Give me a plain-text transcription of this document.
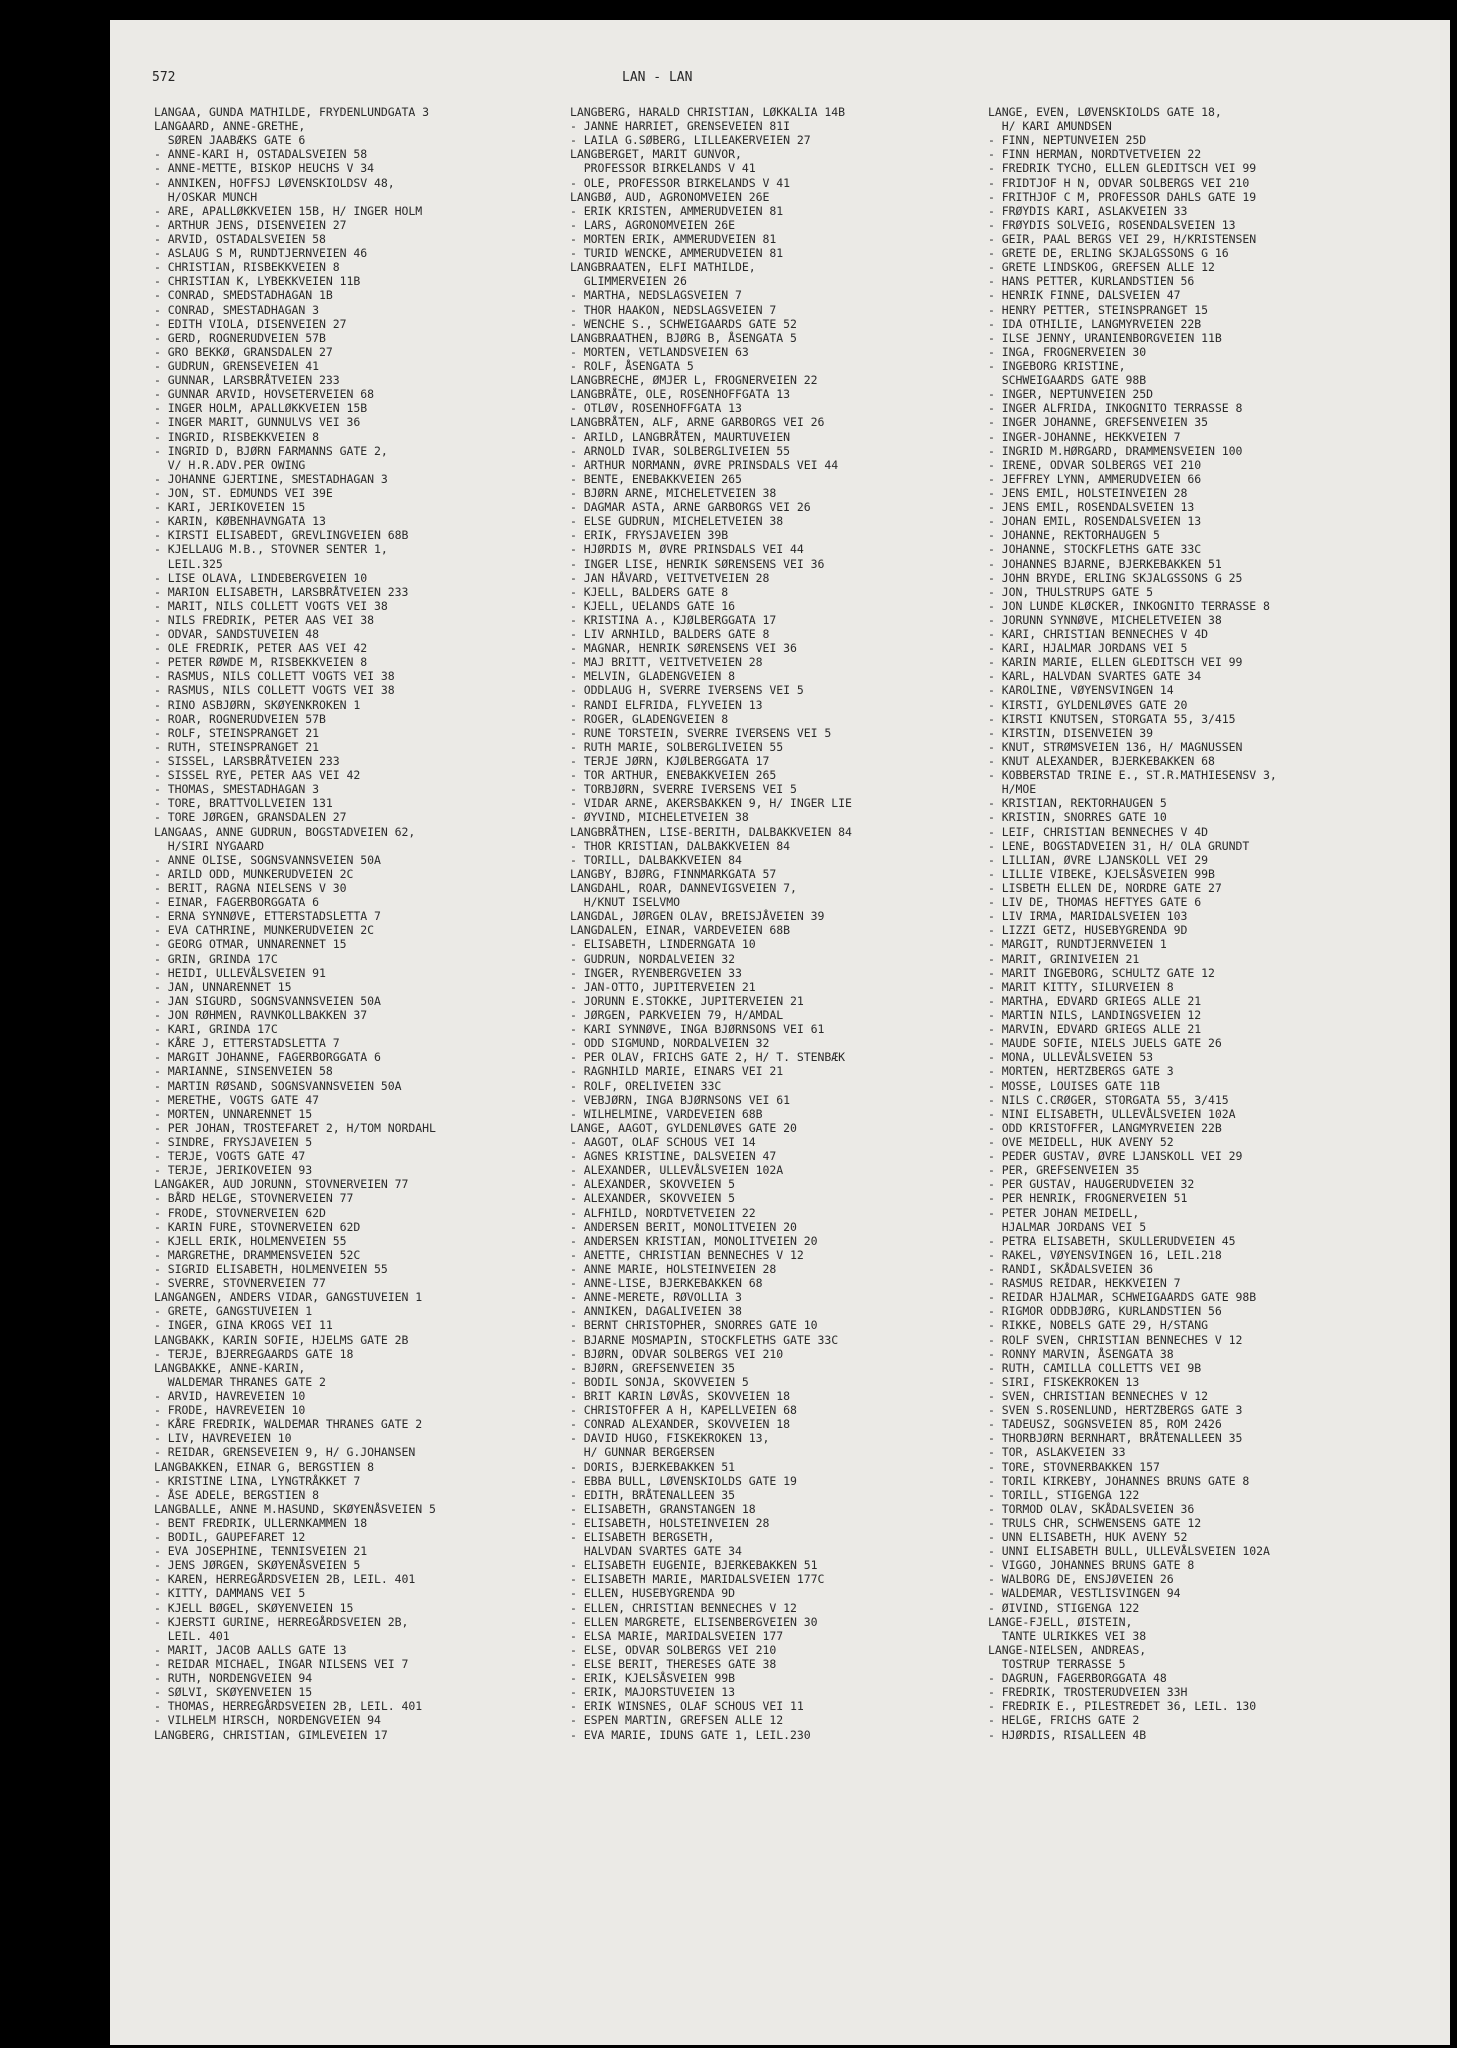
572	LAN - LAN
LANGAA, GUNDA MATHILDE, FRYDENLUNDGATA 3
LANGAARD, ANNE-GRETHE,
SØREN JAABÆKS GATE 6
- ANNE-KARI H, OSTADALSVEIEN 58
- ANNE-METTE, BISKOP HEUCHS V 34
- ANNIKEN, HOFFSJ LØVENSKIOLDSV 48,
H/OSKAR MUNCH
- ARE, APALLØKKVEIEN 15B, H/ INGER HOLM
- ARTHUR JENS, DISENVEIEN 27
- ARVID, OSTADALSVEIEN 58
- ASLAUG S M, RUNDTJERNVEIEN 46
- CHRISTIAN, RISBEKKVEIEN 8
- CHRISTIAN K, LYBEKKVEIEN 11B
- CONRAD, SMEDSTADHAGAN 1B
- CONRAD, SMESTADHAGAN 3
- EDITH VIOLA, DISENVEIEN 27
- GERD, ROGNERUDVEIEN 57B
- GRO BEKKØ, GRANSDALEN 27
- GUDRUN, GRENSEVEIEN 41
- GUNNAR, LARSBRÅTVEIEN 233
- GUNNAR ARVID, HOVSETERVEIEN 68
- INGER HOLM, APALLØKKVEIEN 15B
- INGER MARIT, GUNNULVS VEI 36
- INGRID, RISBEKKVEIEN 8
- INGRID D, BJØRN FARMANNS GATE 2,
V/ H.R.ADV.PER OWING
- JOHANNE GJERTINE, SMESTADHAGAN 3
- JON, ST. EDMUNDS VEI 39E
- KARI, JERIKOVEIEN 15
- KARIN, KØBENHAVNGATA 13
- KIRSTI ELISABEDT, GREVLINGVEIEN 68B
- KJELLAUG M.B., STOVNER SENTER 1,
LEIL.325
- LISE OLAVA, LINDEBERGVEIEN 10
- MARION ELISABETH, LARSBRÅTVEIEN 233
- MARIT, NILS COLLETT VOGTS VEI 38
- NILS FREDRIK, PETER AAS VEI 38
- ODVAR, SANDSTUVEIEN 48
- OLE FREDRIK, PETER AAS VEI 42
- PETER RØWDE M, RISBEKKVEIEN 8
- RASMUS, NILS COLLETT VOGTS VEI 38
- RASMUS, NILS COLLETT VOGTS VEI 38
- RINO ASBJØRN, SKØYENKROKEN 1
- ROAR, ROGNERUDVEIEN 57B
- ROLF, STEINSPRANGET 21
- RUTH, STEINSPRANGET 21
- SISSEL, LARSBRÅTVEIEN 233
- SISSEL RYE, PETER AAS VEI 42
- THOMAS, SMESTADHAGAN 3
- TORE, BRATTVOLLVEIEN 131
- TORE JØRGEN, GRANSDALEN 27
LANGAAS, ANNE GUDRUN, BOGSTADVEIEN 62,
H/SIRI NYGAARD
- ANNE OLISE, SOGNSVANNSVEIEN 50A
- ARILD ODD, MUNKERUDVEIEN 2C
- BERIT, RAGNA NIELSENS V 30
- EINAR, FAGERBORGGATA 6
- ERNA SYNNØVE, ETTERSTADSLETTA 7
- EVA CATHRINE, MUNKERUDVEIEN 2C
- GEORG OTMAR, UNNARENNET 15
- GRIN, GRINDA 17C
- HEIDI, ULLEVÅLSVEIEN 91
- JAN, UNNARENNET 15
- JAN SIGURD, SOGNSVANNSVEIEN 50A
- JON RØHMEN, RAVNKOLLBAKKEN 37
- KARI, GRINDA 17C
- KÅRE J, ETTERSTADSLETTA 7
- MARGIT JOHANNE, FAGERBORGGATA 6
- MARIANNE, SINSENVEIEN 58
- MARTIN RØSAND, SOGNSVANNSVEIEN 50A
- MERETHE, VOGTS GATE 47
- MORTEN, UNNARENNET 15
- PER JOHAN, TROSTEFARET 2, H/TOM NORDAHL
- SINDRE, FRYSJAVEIEN 5
- TERJE, VOGTS GATE 47
- TERJE, JERIKOVEIEN 93
LANGAKER, AUD JORUNN, STOVNERVEIEN 77
- BÅRD HELGE, STOVNERVEIEN 77
- FRODE, STOVNERVEIEN 62D
- KARIN FURE, STOVNERVEIEN 62D
- KJELL ERIK, HOLMENVEIEN 55
- MARGRETHE, DRAMMENSVEIEN 52C
- SIGRID ELISABETH, HOLMENVEIEN 55
- SVERRE, STOVNERVEIEN 77
LANGANGEN, ANDERS VIDAR, GANGSTUVEIEN 1
- GRETE, GANGSTUVEIEN 1
- INGER, GINA KROGS VEI 11
LANGBAKK, KARIN SOFIE, HJELMS GATE 2B
- TERJE, BJERREGAARDS GATE 18
LANGBAKKE, ANNE-KARIN,
WALDEMAR THRANES GATE 2
- ARVID, HAVREVEIEN 10
- FRODE, HAVREVEIEN 10
- KÅRE FREDRIK, WALDEMAR THRANES GATE 2
- LIV, HAVREVEIEN 10
- REIDAR, GRENSEVEIEN 9, H/ G.JOHANSEN
LANGBAKKEN, EINAR G, BERGSTIEN 8
- KRISTINE LINA, LYNGTRÅKKET 7
- ÅSE ADELE, BERGSTIEN 8
LANGBALLE, ANNE M.HASUND, SKØYENÅSVEIEN 5
- BENT FREDRIK, ULLERNKAMMEN 18
- BODIL, GAUPEFARET 12
- EVA JOSEPHINE, TENNISVEIEN 21
- JENS JØRGEN, SKØYENÅSVEIEN 5
- KAREN, HERREGÅRDSVEIEN 2B, LEIL. 401
- KITTY, DAMMANS VEI 5
- KJELL BØGEL, SKØYENVEIEN 15
- KJERSTI GURINE, HERREGÅRDSVEIEN 2B,
LEIL. 401
- MARIT, JACOB AALLS GATE 13
- REIDAR MICHAEL, INGAR NILSENS VEI 7
- RUTH, NORDENGVEIEN 94
- SØLVI, SKØYENVEIEN 15
- THOMAS, HERREGÅRDSVEIEN 2B, LEIL. 401
- VILHELM HIRSCH, NORDENGVEIEN 94
LANGBERG, CHRISTIAN, GIMLEVEIEN 17
LANGBERG, HARALD CHRISTIAN, LØKKALIA 14B
- JANNE HARRIET, GRENSEVEIEN 81I
- LAILA G.SØBERG, LILLEAKERVEIEN 27
LANGBERGET, MARIT GUNVOR,
PROFESSOR BIRKELANDS V 41
- OLE, PROFESSOR BIRKELANDS V 41
LANGBØ, AUD, AGRONOMVEIEN 26E
- ERIK KRISTEN, AMMERUDVEIEN 81
- LARS, AGRONOMVEIEN 26E
- MORTEN ERIK, AMMERUDVEIEN 81
- TURID WENCKE, AMMERUDVEIEN 81
LANGBRAATEN, ELFI MATHILDE,
GLIMMERVEIEN 26
- MARTHA, NEDSLAGSVEIEN 7
- THOR HAAKON, NEDSLAGSVEIEN 7
- WENCHE S., SCHWEIGAARDS GATE 52
LANGBRAATHEN, BJØRG B, ÅSENGATA 5
- MORTEN, VETLANDSVEIEN 63
- ROLF, ÅSENGATA 5
LANGBRECHE, ØMJER L, FROGNERVEIEN 22
LANGBRÅTE, OLE, ROSENHOFFGATA 13
- OTLØV, ROSENHOFFGATA 13
LANGBRÅTEN, ALF, ARNE GARBORGS VEI 26
- ARILD, LANGBRÅTEN, MAURTUVEIEN
- ARNOLD IVAR, SOLBERGLIVEIEN 55
- ARTHUR NORMANN, ØVRE PRINSDALS VEI 44
- BENTE, ENEBAKKVEIEN 265
- BJØRN ARNE, MICHELETVEIEN 38
- DAGMAR ASTA, ARNE GARBORGS VEI 26
- ELSE GUDRUN, MICHELETVEIEN 38
- ERIK, FRYSJAVEIEN 39B
- HJØRDIS M, ØVRE PRINSDALS VEI 44
- INGER LISE, HENRIK SØRENSENS VEI 36
- JAN HÅVARD, VEITVETVEIEN 28
- KJELL, BALDERS GATE 8
- KJELL, UELANDS GATE 16
- KRISTINA A., KJØLBERGGATA 17
- LIV ARNHILD, BALDERS GATE 8
- MAGNAR, HENRIK SØRENSENS VEI 36
- MAJ BRITT, VEITVETVEIEN 28
- MELVIN, GLADENGVEIEN 8
- ODDLAUG H, SVERRE IVERSENS VEI 5
- RANDI ELFRIDA, FLYVEIEN 13
- ROGER, GLADENGVEIEN 8
- RUNE TORSTEIN, SVERRE IVERSENS VEI 5
- RUTH MARIE, SOLBERGLIVEIEN 55
- TERJE JØRN, KJØLBERGGATA 17
- TOR ARTHUR, ENEBAKKVEIEN 265
- TORBJØRN, SVERRE IVERSENS VEI 5
- VIDAR ARNE, AKERSBAKKEN 9, H/ INGER LIE
- ØYVIND, MICHELETVEIEN 38
LANGBRÅTHEN, LISE-BERITH, DALBAKKVEIEN 84
- THOR KRISTIAN, DALBAKKVEIEN 84
- TORILL, DALBAKKVEIEN 84
LANGBY, BJØRG, FINNMARKGATA 57
LANGDAHL, ROAR, DANNEVIGSVEIEN 7,
H/KNUT ISELVMO
LANGDAL, JØRGEN OLAV, BREISJÅVEIEN 39
LANGDALEN, EINAR, VARDEVEIEN 68B
- ELISABETH, LINDERNGATA 10
- GUDRUN, NORDALVEIEN 32
- INGER, RYENBERGVEIEN 33
- JAN-OTTO, JUPITERVEIEN 21
- JORUNN E.STOKKE, JUPITERVEIEN 21
- JØRGEN, PARKVEIEN 79, H/AMDAL
- KARI SYNNØVE, INGA BJØRNSONS VEI 61
- ODD SIGMUND, NORDALVEIEN 32
- PER OLAV, FRICHS GATE 2, H/ T. STENBÆK
- RAGNHILD MARIE, EINARS VEI 21
- ROLF, ORELIVEIEN 33C
- VEBJØRN, INGA BJØRNSONS VEI 61
- WILHELMINE, VARDEVEIEN 68B
LANGE, AAGOT, GYLDENLØVES GATE 20
- AAGOT, OLAF SCHOUS VEI 14
- AGNES KRISTINE, DALSVEIEN 47
- ALEXANDER, ULLEVÅLSVEIEN 102A
- ALEXANDER, SKOVVEIEN 5
- ALEXANDER, SKOVVEIEN 5
- ALFHILD, NORDTVETVEIEN 22
- ANDERSEN BERIT, MONOLITVEIEN 20
- ANDERSEN KRISTIAN, MONOLITVEIEN 20
- ANETTE, CHRISTIAN BENNECHES V 12
- ANNE MARIE, HOLSTEINVEIEN 28
- ANNE-LISE, BJERKEBAKKEN 68
- ANNE-MERETE, RØVOLLIA 3
- ANNIKEN, DAGALIVEIEN 38
- BERNT CHRISTOPHER, SNORRES GATE 10
- BJARNE MOSMAPIN, STOCKFLETHS GATE 33C
- BJØRN, ODVAR SOLBERGS VEI 210
- BJØRN, GREFSENVEIEN 35
- BODIL SONJA, SKOVVEIEN 5
- BRIT KARIN LØVÅS, SKOVVEIEN 18
- CHRISTOFFER A H, KAPELLVEIEN 68
- CONRAD ALEXANDER, SKOVVEIEN 18
- DAVID HUGO, FISKEKROKEN 13,
H/ GUNNAR BERGERSEN
- DORIS, BJERKEBAKKEN 51
- EBBA BULL, LØVENSKIOLDS GATE 19
- EDITH, BRÅTENALLEEN 35
- ELISABETH, GRANSTANGEN 18
- ELISABETH, HOLSTEINVEIEN 28
- ELISABETH BERGSETH,
HALVDAN SVARTES GATE 34
- ELISABETH EUGENIE, BJERKEBAKKEN 51
- ELISABETH MARIE, MARIDALSVEIEN 177C
- ELLEN, HUSEBYGRENDA 9D
- ELLEN, CHRISTIAN BENNECHES V 12
- ELLEN MARGRETE, ELISENBERGVEIEN 30
- ELSA MARIE, MARIDALSVEIEN 177
- ELSE, ODVAR SOLBERGS VEI 210
- ELSE BERIT, THERESES GATE 38
- ERIK, KJELSÅSVEIEN 99B
- ERIK, MAJORSTUVEIEN 13
- ERIK WINSNES, OLAF SCHOUS VEI 11
- ESPEN MARTIN, GREFSEN ALLE 12
- EVA MARIE, IDUNS GATE 1, LEIL.230
LANGE, EVEN, LØVENSKIOLDS GATE 18,
H/ KARI AMUNDSEN
- FINN, NEPTUNVEIEN 25D
- FINN HERMAN, NORDTVETVEIEN 22
- FREDRIK TYCHO, ELLEN GLEDITSCH VEI 99
- FRIDTJOF H N, ODVAR SOLBERGS VEI 210
- FRITHJOF C M, PROFESSOR DAHLS GATE 19
- FRØYDIS KARI, ASLAKVEIEN 33
- FRØYDIS SOLVEIG, ROSENDALSVEIEN 13
- GEIR, PAAL BERGS VEI 29, H/KRISTENSEN
- GRETE DE, ERLING SKJALGSSONS G 16
- GRETE LINDSKOG, GREFSEN ALLE 12
- HANS PETTER, KURLANDSTIEN 56
- HENRIK FINNE, DALSVEIEN 47
- HENRY PETTER, STEINSPRANGET 15
- IDA OTHILIE, LANGMYRVEIEN 22B
- ILSE JENNY, URANIENBORGVEIEN 11B
- INGA, FROGNERVEIEN 30
- INGEBORG KRISTINE,
SCHWEIGAARDS GATE 98B
- INGER, NEPTUNVEIEN 25D
- INGER ALFRIDA, INKOGNITO TERRASSE 8
- INGER JOHANNE, GREFSENVEIEN 35
- INGER-JOHANNE, HEKKVEIEN 7
- INGRID M.HØRGARD, DRAMMENSVEIEN 100
- IRENE, ODVAR SOLBERGS VEI 210
- JEFFREY LYNN, AMMERUDVEIEN 66
- JENS EMIL, HOLSTEINVEIEN 28
- JENS EMIL, ROSENDALSVEIEN 13
- JOHAN EMIL, ROSENDALSVEIEN 13
- JOHANNE, REKTORHAUGEN 5
- JOHANNE, STOCKFLETHS GATE 33C
- JOHANNES BJARNE, BJERKEBAKKEN 51
- JOHN BRYDE, ERLING SKJALGSSONS G 25
- JON, THULSTRUPS GATE 5
- JON LUNDE KLØCKER, INKOGNITO TERRASSE 8
- JORUNN SYNNØVE, MICHELETVEIEN 38
- KARI, CHRISTIAN BENNECHES V 4D
- KARI, HJALMAR JORDANS VEI 5
- KARIN MARIE, ELLEN GLEDITSCH VEI 99
- KARL, HALVDAN SVARTES GATE 34
- KAROLINE, VØYENSVINGEN 14
- KIRSTI, GYLDENLØVES GATE 20
- KIRSTI KNUTSEN, STORGATA 55, 3/415
- KIRSTIN, DISENVEIEN 39
- KNUT, STRØMSVEIEN 136, H/ MAGNUSSEN
- KNUT ALEXANDER, BJERKEBAKKEN 68
- KOBBERSTAD TRINE E., ST.R.MATHIESENSV 3,
H/MOE
- KRISTIAN, REKTORHAUGEN 5
- KRISTIN, SNORRES GATE 10
- LEIF, CHRISTIAN BENNECHES V 4D
- LENE, BOGSTADVEIEN 31, H/ OLA GRUNDT
- LILLIAN, ØVRE LJANSKOLL VEI 29
- LILLIE VIBEKE, KJELSÅSVEIEN 99B
- LISBETH ELLEN DE, NORDRE GATE 27
- LIV DE, THOMAS HEFTYES GATE 6
- LIV IRMA, MARIDALSVEIEN 103
- LIZZI GETZ, HUSEBYGRENDA 9D
- MARGIT, RUNDTJERNVEIEN 1
- MARIT, GRINIVEIEN 21
- MARIT INGEBORG, SCHULTZ GATE 12
- MARIT KITTY, SILURVEIEN 8
- MARTHA, EDVARD GRIEGS ALLE 21
- MARTIN NILS, LANDINGSVEIEN 12
- MARVIN, EDVARD GRIEGS ALLE 21
- MAUDE SOFIE, NIELS JUELS GATE 26
- MONA, ULLEVÅLSVEIEN 53
- MORTEN, HERTZBERGS GATE 3
- MOSSE, LOUISES GATE 11B
- NILS C.CRØGER, STORGATA 55, 3/415
- NINI ELISABETH, ULLEVÅLSVEIEN 102A
- ODD KRISTOFFER, LANGMYRVEIEN 22B
- OVE MEIDELL, HUK AVENY 52
- PEDER GUSTAV, ØVRE LJANSKOLL VEI 29
- PER, GREFSENVEIEN 35
- PER GUSTAV, HAUGERUDVEIEN 32
- PER HENRIK, FROGNERVEIEN 51
- PETER JOHAN MEIDELL,
HJALMAR JORDANS VEI 5
- PETRA ELISABETH, SKULLERUDVEIEN 45
- RAKEL, VØYENSVINGEN 16, LEIL.218
- RANDI, SKÅDALSVEIEN 36
- RASMUS REIDAR, HEKKVEIEN 7
- REIDAR HJALMAR, SCHWEIGAARDS GATE 98B
- RIGMOR ODDBJØRG, KURLANDSTIEN 56
- RIKKE, NOBELS GATE 29, H/STANG
- ROLF SVEN, CHRISTIAN BENNECHES V 12
- RONNY MARVIN, ÅSENGATA 38
- RUTH, CAMILLA COLLETTS VEI 9B
- SIRI, FISKEKROKEN 13
- SVEN, CHRISTIAN BENNECHES V 12
- SVEN S.ROSENLUND, HERTZBERGS GATE 3
- TADEUSZ, SOGNSVEIEN 85, ROM 2426
- THORBJØRN BERNHART, BRÅTENALLEEN 35
- TOR, ASLAKVEIEN 33
- TORE, STOVNERBAKKEN 157
- TORIL KIRKEBY, JOHANNES BRUNS GATE 8
- TORILL, STIGENGA 122
- TORMOD OLAV, SKÅDALSVEIEN 36
- TRULS CHR, SCHWENSENS GATE 12
- UNN ELISABETH, HUK AVENY 52
- UNNI ELISABETH BULL, ULLEVÅLSVEIEN 102A
- VIGGO, JOHANNES BRUNS GATE 8
- WALBORG DE, ENSJØVEIEN 26
- WALDEMAR, VESTLISVINGEN 94
- ØIVIND, STIGENGA 122
LANGE-FJELL, ØISTEIN,
TANTE ULRIKKES VEI 38
LANGE-NIELSEN, ANDREAS,
TOSTRUP TERRASSE 5
- DAGRUN, FAGERBORGGATA 48
- FREDRIK, TROSTERUDVEIEN 33H
- FREDRIK E., PILESTREDET 36, LEIL. 130
- HELGE, FRICHS GATE 2
- HJØRDIS, RISALLEEN 4B
